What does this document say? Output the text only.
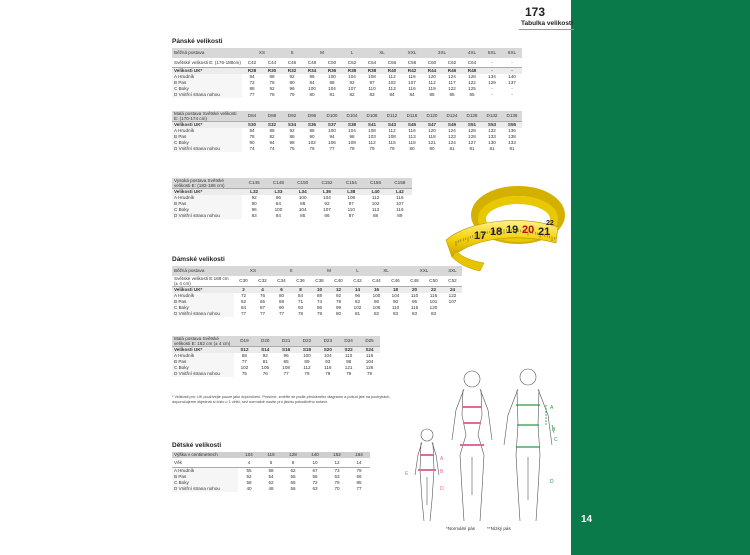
14
173
Tabulka velikostí
Pánské velikosti
Běžná postava	XS		S	M		L	XL		XXL	3XL		4XL	5XL	6XL
Světské velikosti E: (176-188cm)	C42	C44	C46	C48	C50	C52	C54	C56	C58	C60	C62	C64	-	-
Velikosti UK*	R28	R30	R32	R34	R36	R38	R38	R40	R42	R44	R46	R48	-	-
A Hrudník	84	88	92	96	100	104	108	112	116	120	124	128	134	140
B Pas	72	76	80	84	88	92	97	102	107	112	117	122	129	137
C Boky	88	92	96	100	104	107	110	113	116	119	122	125	-	-
D Vnitřní strana nohou	77	78	79	80	81	82	83	84	84	85	85	85	-	-
Malá postava Světské velikosti E: (170-174 cm)	D84	D88	D92	D96	D100	D104	D108	D112	D116	D120	D124	D128	D132	D136
Velikosti UK*	S30	S32	S34	S36	S37	S38	S41	S43	S45	S47	S49	S51	S53	S55
A Hrudník	84	88	92	96	100	104	108	112	116	120	124	128	132	136
B Pas	78	82	86	90	94	98	103	108	113	118	123	128	133	138
C Boky	90	94	98	102	106	109	112	115	118	121	124	127	130	133
D Vnitřní strana nohou	74	74	75	76	77	78	79	79	80	80	81	81	81	81
Vysoká postava Světské velikosti E: (182-186 cm)	C146	C148	C150	C152	C154	C156	C158
Velikosti UK*	L32	L33	L34	L36	L38	L40	L42
A Hrudník	92	96	100	104	108	112	116
B Pas	80	84	88	92	97	102	107
C Boky	96	100	104	107	110	113	116
D Vnitřní strana nohou	83	84	85	86	87	88	89
Dámské velikosti
Běžná postava	XS		S		M		L	XL		XXL		3XL
Světské velikosti E:168 cm (± 4 cm)	C30	C32	C34	C36	C38	C40	C42	C44	C46	C48	C50	C52
Velikosti UK*	2	4	6	8	10	12	14	16	18	20	22	24
A Hrudník	72	76	80	84	88	92	96	100	104	110	116	122
B Pas	62	65	68	71	74	78	82	86	90	95	101	107
C Boky	84	87	90	93	96	99	102	106	110	115	120	
D Vnitřní strana nohou	77	77	77	78	79	80	81	82	83	83	83	
Malá postava Světské velikosti E: 162 cm (± 4 cm)	D19	D20	D21	D22	D23	D24	D25
Velikosti UK*	S12	S14	S16	S18	S20	S22	S24
A Hrudník	88	92	96	100	104	110	116
B Pas	77	81	85	89	93	98	104
C Boky	102	105	108	112	116	121	126
D Vnitřní strana nohou	75	76	77	78	79	79	79
* Velikosti pro: UK používejte pouze jako doporučení. Prosíme, změřte se podle příslušného diagramu a pokud jste na pochybách, doporučujeme objednat si číslo o 1 větší, než normálně nosíte pro jistotu pohodlného nošení.
Dětské velikosti
Výška v centimetrech	104	116	128	140	152	164
Věk	4	6	8	10	12	14
A Hrudník	55	58	62	67	73	79
B Pas	52	54	55	56	63	66
C Boky	58	62	66	72	79	85
D Vnitřní strana nohou	40	48	56	63	70	77
17 18 19 20 21
22
A
B
C
D
A
B
E
D
*Normální pás	**Nízký pás
